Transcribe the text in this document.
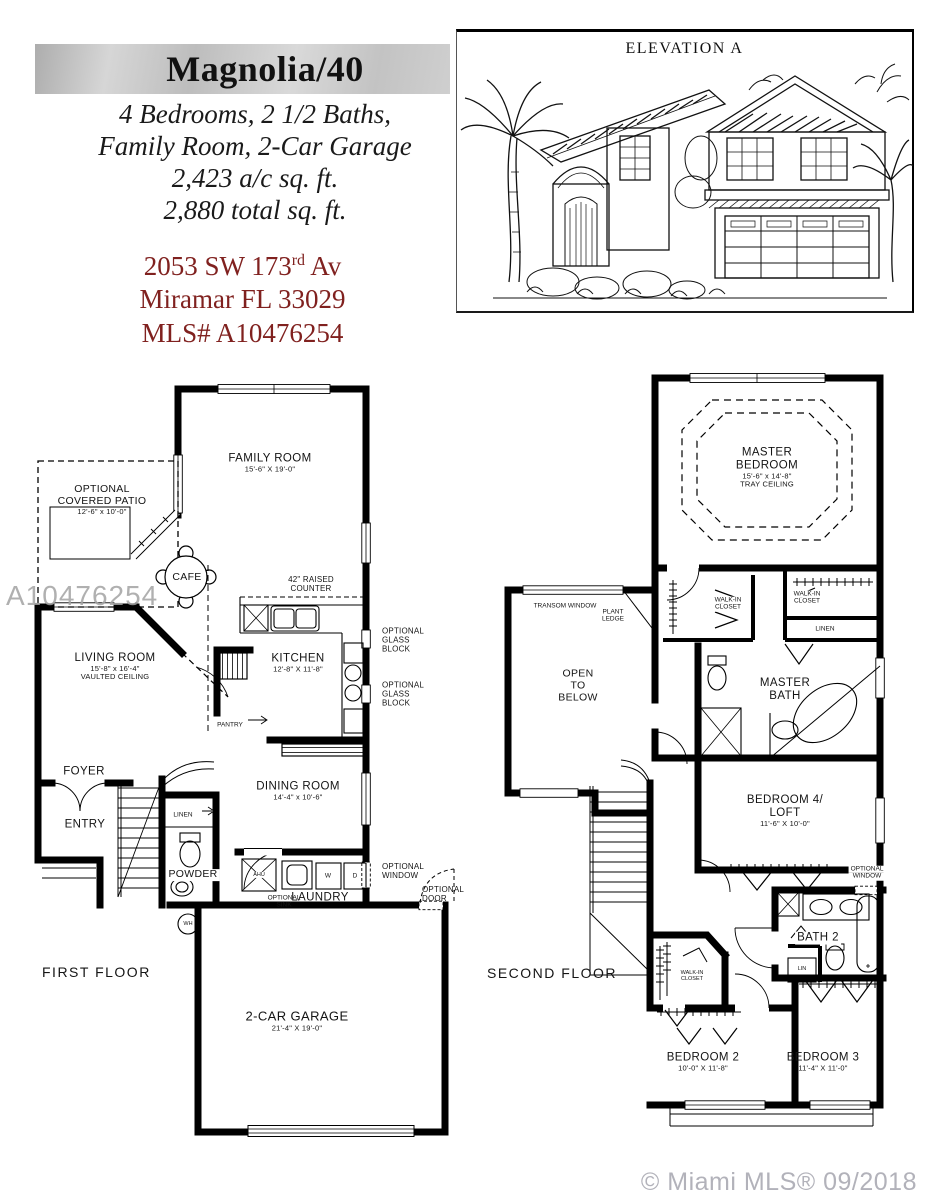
Magnolia/40
4 Bedrooms, 2 1/2 Baths,
Family Room, 2-Car Garage
2,423 a/c sq. ft.
2,880 total sq. ft.
2053 SW 173rd Av
Miramar FL 33029
MLS# A10476254
ELEVATION A
FAMILY ROOM
15'-6" X 19'-0"
OPTIONAL
COVERED PATIO
12'-6" x 10'-0"
CAFE	42" RAISED
COUNTER
KITCHEN
12'-8" X 11'-8"
OPTIONAL
GLASS
BLOCK
OPTIONAL
GLASS
BLOCK
LIVING ROOM
15'-8" x 16'-4"
VAULTED CEILING
PANTRY
DINING ROOM
14'-4" x 10'-6"
FOYER
ENTRY
LINEN
POWDER	AHU
OPTIONAL
SINK
W	D
LAUNDRY
WH
OPTIONAL
WINDOW
OPTIONAL
DOOR
FIRST FLOOR
2-CAR GARAGE
21'-4" X 19'-0"
MASTER
BEDROOM
15'-6" x 14'-8"
TRAY CEILING
TRANSOM WINDOW
PLANT
LEDGE
OPEN
TO
BELOW
WALK-IN
CLOSET
WALK-IN
CLOSET
LINEN
MASTER
BATH
BEDROOM 4/
LOFT
11'-6" X 10'-0"
OPTIONAL
WINDOW
BATH 2
LIN
WALK-IN
CLOSET
BEDROOM 2
10'-0" X 11'-8"
BEDROOM 3
11'-4" X 11'-0"
SECOND FLOOR
A10476254
© Miami MLS® 09/2018
